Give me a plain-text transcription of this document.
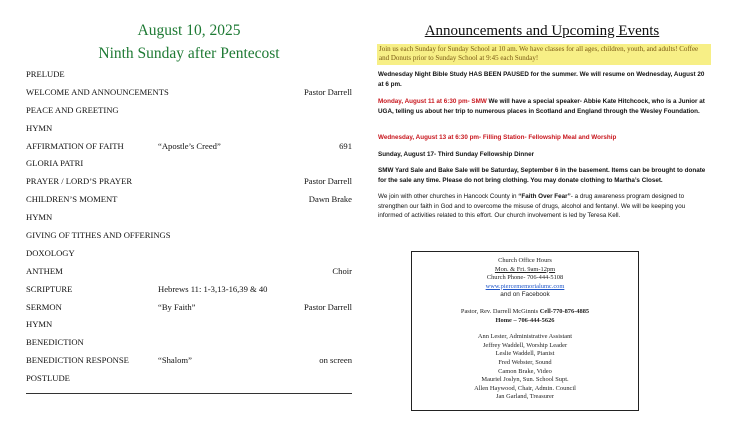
August 10, 2025
Ninth Sunday after Pentecost
PRELUDE
WELCOME AND ANNOUNCEMENTS	Pastor Darrell
PEACE AND GREETING
HYMN
AFFIRMATION OF FAITH	“Apostle’s Creed”	691
GLORIA PATRI
PRAYER / LORD’S PRAYER	Pastor Darrell
CHILDREN’S MOMENT	Dawn Brake
HYMN
GIVING OF TITHES AND OFFERINGS
DOXOLOGY
ANTHEM	Choir
SCRIPTURE	Hebrews 11: 1-3,13-16,39 & 40
SERMON	“By Faith”	Pastor Darrell
HYMN
BENEDICTION
BENEDICTION RESPONSE	“Shalom”	on screen
POSTLUDE
Announcements and Upcoming Events
Join us each Sunday for Sunday School at 10 am. We have classes for all ages, children, youth, and adults! Coffee and Donuts prior to Sunday School at 9:45 each Sunday!
Wednesday Night Bible Study HAS BEEN PAUSED for the summer. We will resume on Wednesday, August 20 at 6 pm.
Monday, August 11 at 6:30 pm- SMW We will have a special speaker- Abbie Kate Hitchcock, who is a Junior at UGA, telling us about her trip to numerous places in Scotland and England through the Wesley Foundation.
Wednesday, August 13 at 6:30 pm- Filling Station- Fellowship Meal and Worship
Sunday, August 17- Third Sunday Fellowship Dinner
SMW Yard Sale and Bake Sale will be Saturday, September 6 in the basement. Items can be brought to donate for the sale any time. Please do not bring clothing. You may donate clothing to Martha’s Closet.
We join with other churches in Hancock County in “Faith Over Fear”- a drug awareness program designed to strengthen our faith in God and to overcome the misuse of drugs, alcohol and fentanyl. We will be keeping you informed of activities related to this effort. Our church involvement is led by Teresa Kell.
Church Office Hours
Mon. & Fri. 9am-12pm
Church Phone- 706-444-5108
www.piercememorialumc.com
and on Facebook
Pastor, Rev. Darrell McGinnis Cell-770-876-4885
Home – 706-444-5626
Ann Lester, Administrative Assistant
Jeffrey Waddell, Worship Leader
Leslie Waddell, Pianist
Fred Webster, Sound
Camon Brake, Video
Mauriel Joslyn, Sun. School Supt.
Allen Haywood, Chair, Admin. Council
Jan Garland, Treasurer
